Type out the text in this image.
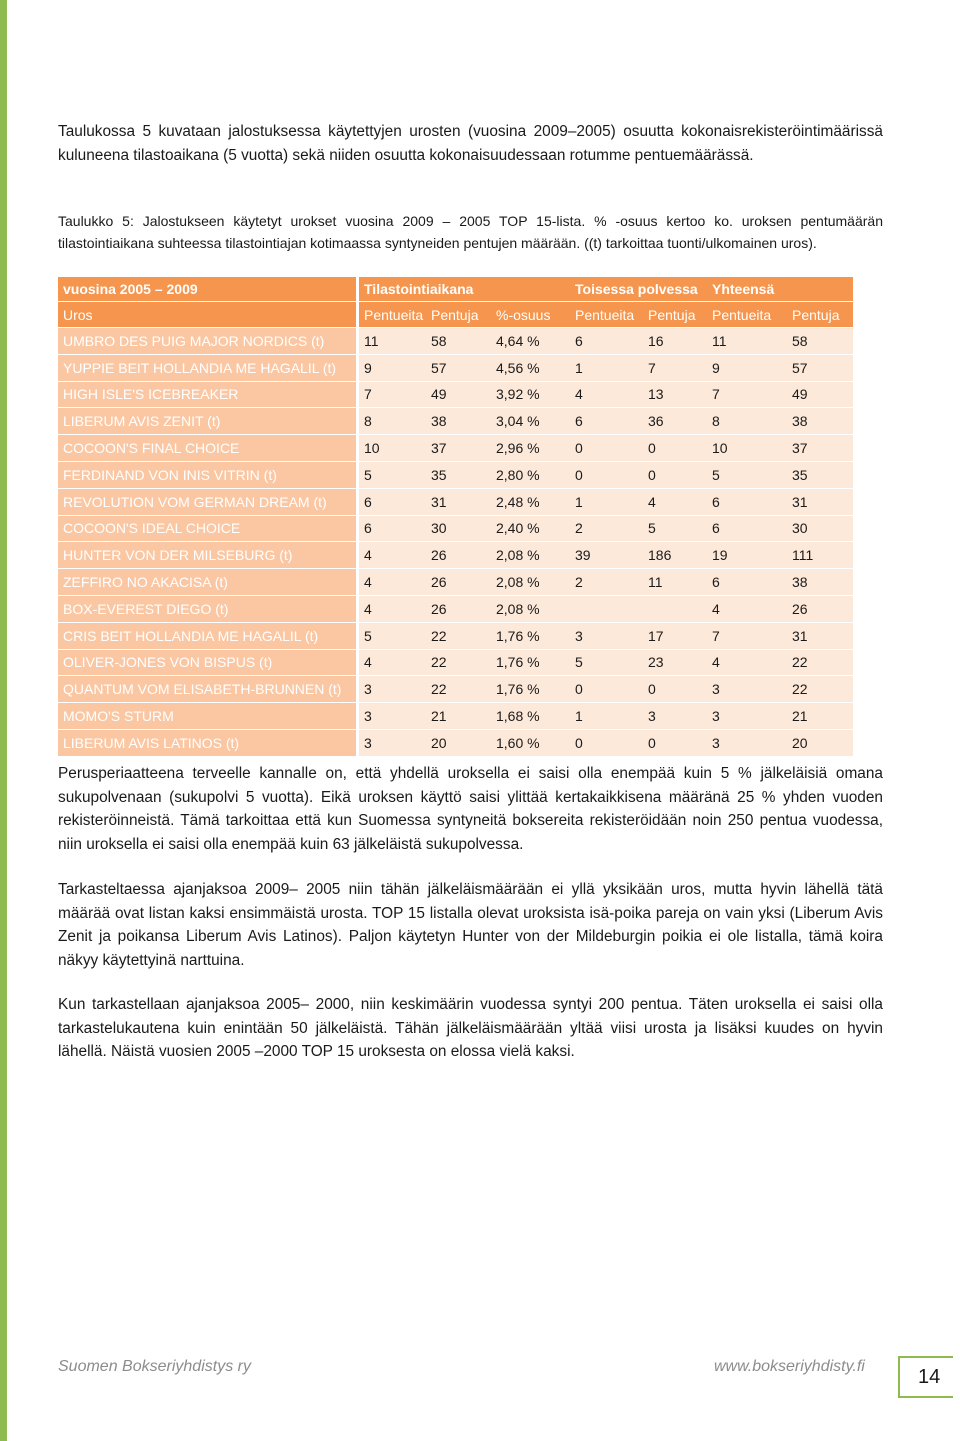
Taulukossa 5 kuvataan jalostuksessa käytettyjen urosten (vuosina 2009–2005) osuutta kokonaisrekisteröintimäärissä kuluneena tilastoaikana (5 vuotta) sekä niiden osuutta kokonaisuudessaan rotumme pentuemäärässä.

Taulukko 5: Jalostukseen käytetyt urokset vuosina 2009 – 2005 TOP 15-lista. % -osuus kertoo ko. uroksen pentumäärän tilastointiaikana suhteessa tilastointiajan kotimaassa syntyneiden pentujen määrään. ((t) tarkoittaa tuonti/ulkomainen uros).

vuosina 2005 – 2009	Tilastointiaikana			Toisessa polvessa		Yhteensä	
Uros	Pentueita	Pentuja	%-osuus	Pentueita	Pentuja	Pentueita	Pentuja
UMBRO DES PUIG MAJOR NORDICS (t)	11	58	4,64 %	6	16	11	58
YUPPIE BEIT HOLLANDIA ME HAGALIL (t)	9	57	4,56 %	1	7	9	57
HIGH ISLE'S ICEBREAKER	7	49	3,92 %	4	13	7	49
LIBERUM AVIS ZENIT (t)	8	38	3,04 %	6	36	8	38
COCOON'S FINAL CHOICE	10	37	2,96 %	0	0	10	37
FERDINAND VON INIS VITRIN (t)	5	35	2,80 %	0	0	5	35
REVOLUTION VOM GERMAN DREAM (t)	6	31	2,48 %	1	4	6	31
COCOON'S IDEAL CHOICE	6	30	2,40 %	2	5	6	30
HUNTER VON DER MILSEBURG (t)	4	26	2,08 %	39	186	19	111
ZEFFIRO NO AKACISA (t)	4	26	2,08 %	2	11	6	38
BOX-EVEREST DIEGO (t)	4	26	2,08 %			4	26
CRIS BEIT HOLLANDIA ME HAGALIL (t)	5	22	1,76 %	3	17	7	31
OLIVER-JONES VON BISPUS (t)	4	22	1,76 %	5	23	4	22
QUANTUM VOM ELISABETH-BRUNNEN (t)	3	22	1,76 %	0	0	3	22
MOMO'S STURM	3	21	1,68 %	1	3	3	21
LIBERUM AVIS LATINOS (t)	3	20	1,60 %	0	0	3	20

Perusperiaatteena terveelle kannalle on, että yhdellä uroksella ei saisi olla enempää kuin 5 % jälkeläisiä omana sukupolvenaan (sukupolvi 5 vuotta). Eikä uroksen käyttö saisi ylittää kertakaikkisena määränä 25 % yhden vuoden rekisteröinneistä. Tämä tarkoittaa että kun Suomessa syntyneitä boksereita rekisteröidään noin 250 pentua vuodessa, niin uroksella ei saisi olla enempää kuin 63 jälkeläistä sukupolvessa.

Tarkasteltaessa ajanjaksoa 2009– 2005 niin tähän jälkeläismäärään ei yllä yksikään uros, mutta hyvin lähellä tätä määrää ovat listan kaksi ensimmäistä urosta. TOP 15 listalla olevat uroksista isä-poika pareja on vain yksi (Liberum Avis Zenit ja poikansa Liberum Avis Latinos). Paljon käytetyn Hunter von der Mildeburgin poikia ei ole listalla, tämä koira näkyy käytettyinä narttuina.

Kun tarkastellaan ajanjaksoa 2005– 2000, niin keskimäärin vuodessa syntyi 200 pentua. Täten uroksella ei saisi olla tarkastelukautena kuin enintään 50 jälkeläistä. Tähän jälkeläismäärään yltää viisi urosta ja lisäksi kuudes on hyvin lähellä. Näistä vuosien 2005 –2000 TOP 15 uroksesta on elossa vielä kaksi.

Suomen Bokseriyhdistys ry	www.bokseriyhdisty.fi	14
